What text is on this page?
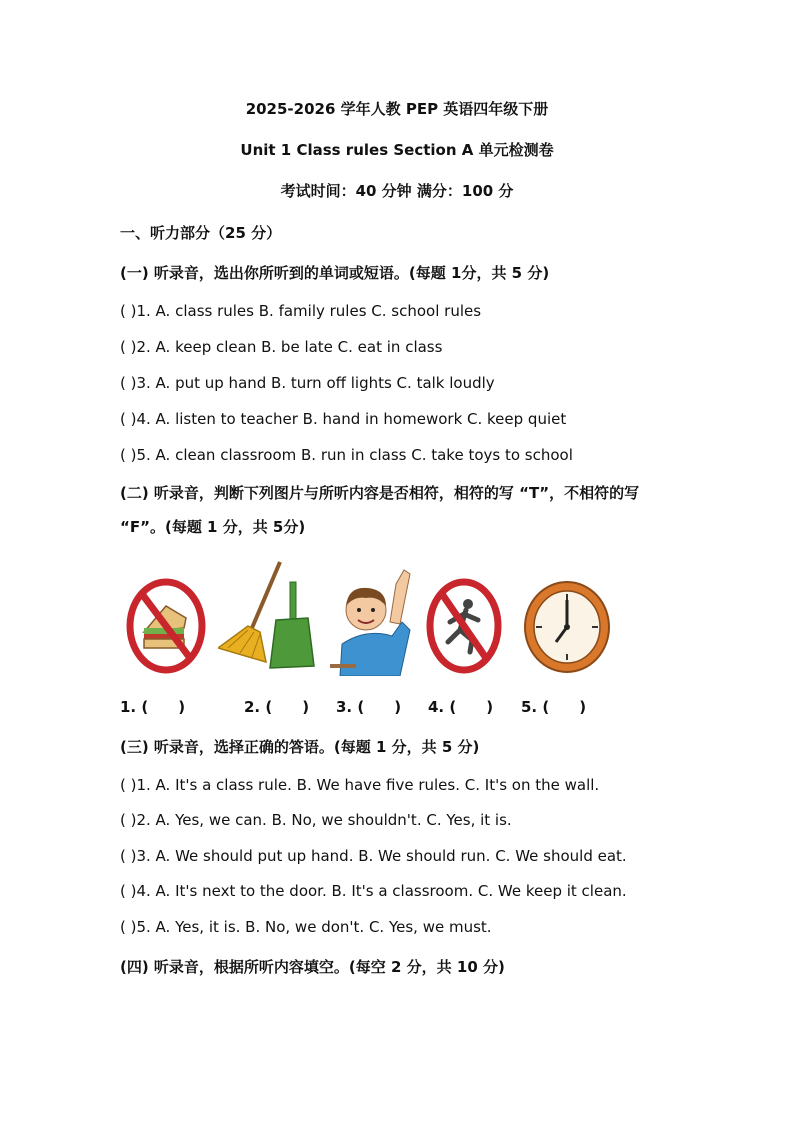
2025-2026 学年人教 PEP 英语四年级下册
Unit 1 Class rules Section A 单元检测卷
考试时间：40 分钟 满分：100 分
一、听力部分（25 分）
(一) 听录音，选出你所听到的单词或短语。(每题 1分，共 5 分)
( )1. A. class rules B. family rules C. school rules
( )2. A. keep clean B. be late C. eat in class
( )3. A. put up hand B. turn off lights C. talk loudly
( )4. A. listen to teacher B. hand in homework C. keep quiet
( )5. A. clean classroom B. run in class C. take toys to school
(二) 听录音，判断下列图片与所听内容是否相符，相符的写 “T”，不相符的写
“F”。(每题 1 分，共 5分)
1. (　　)	2. (　　) 3. (　　) 4. (　　) 5. (　　)
(三) 听录音，选择正确的答语。(每题 1 分，共 5 分)
( )1. A. It's a class rule. B. We have five rules. C. It's on the wall.
( )2. A. Yes, we can. B. No, we shouldn't. C. Yes, it is.
( )3. A. We should put up hand. B. We should run. C. We should eat.
( )4. A. It's next to the door. B. It's a classroom. C. We keep it clean.
( )5. A. Yes, it is. B. No, we don't. C. Yes, we must.
(四) 听录音，根据所听内容填空。(每空 2 分，共 10 分)
